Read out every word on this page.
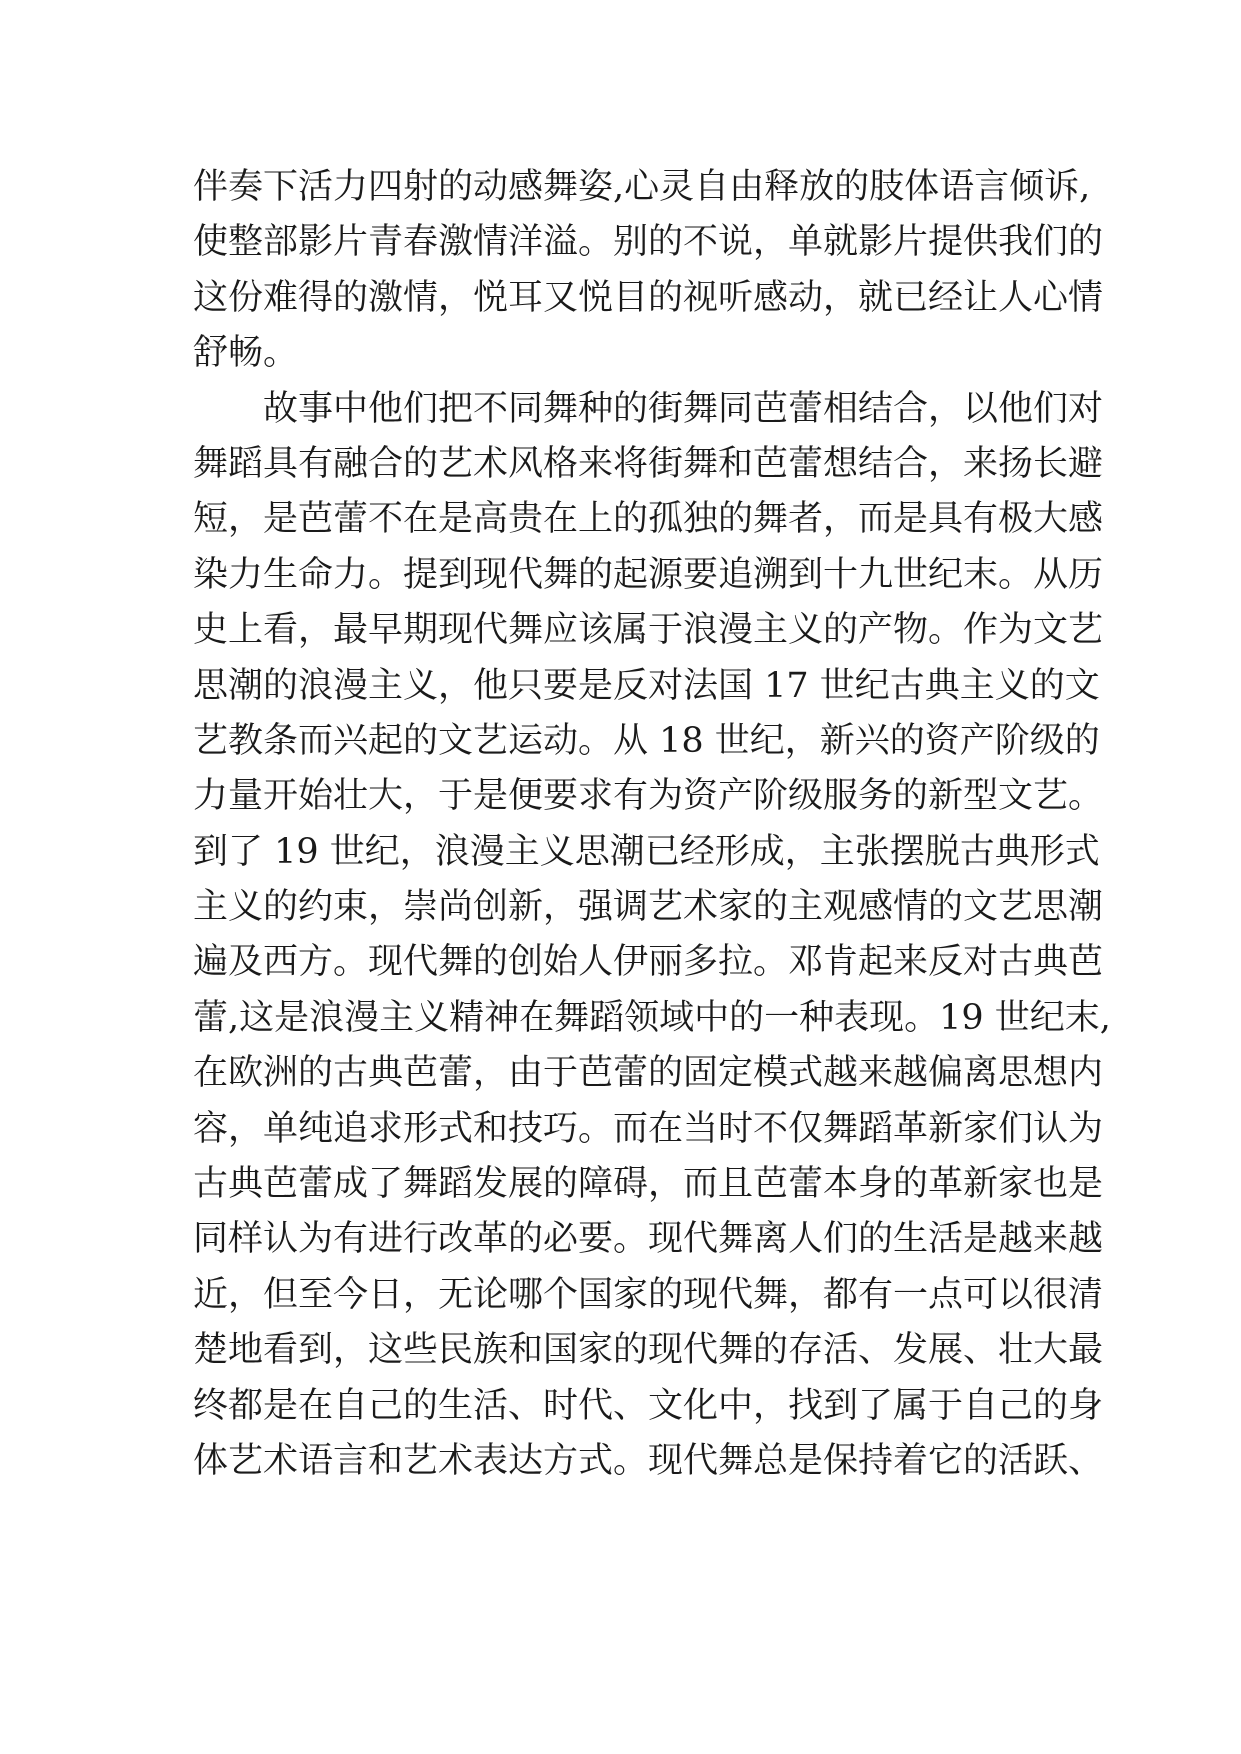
伴奏下活力四射的动感舞姿,心灵自由释放的肢体语言倾诉,
使整部影片青春激情洋溢。别的不说，单就影片提供我们的
这份难得的激情，悦耳又悦目的视听感动，就已经让人心情
舒畅。
　　故事中他们把不同舞种的街舞同芭蕾相结合，以他们对
舞蹈具有融合的艺术风格来将街舞和芭蕾想结合，来扬长避
短，是芭蕾不在是高贵在上的孤独的舞者，而是具有极大感
染力生命力。提到现代舞的起源要追溯到十九世纪末。从历
史上看，最早期现代舞应该属于浪漫主义的产物。作为文艺
思潮的浪漫主义，他只要是反对法国 17 世纪古典主义的文
艺教条而兴起的文艺运动。从 18 世纪，新兴的资产阶级的
力量开始壮大，于是便要求有为资产阶级服务的新型文艺。
到了 19 世纪，浪漫主义思潮已经形成，主张摆脱古典形式
主义的约束，崇尚创新，强调艺术家的主观感情的文艺思潮
遍及西方。现代舞的创始人伊丽多拉。邓肯起来反对古典芭
蕾,这是浪漫主义精神在舞蹈领域中的一种表现。19 世纪末,
在欧洲的古典芭蕾，由于芭蕾的固定模式越来越偏离思想内
容，单纯追求形式和技巧。而在当时不仅舞蹈革新家们认为
古典芭蕾成了舞蹈发展的障碍，而且芭蕾本身的革新家也是
同样认为有进行改革的必要。现代舞离人们的生活是越来越
近，但至今日，无论哪个国家的现代舞，都有一点可以很清
楚地看到，这些民族和国家的现代舞的存活、发展、壮大最
终都是在自己的生活、时代、文化中，找到了属于自己的身
体艺术语言和艺术表达方式。现代舞总是保持着它的活跃、
